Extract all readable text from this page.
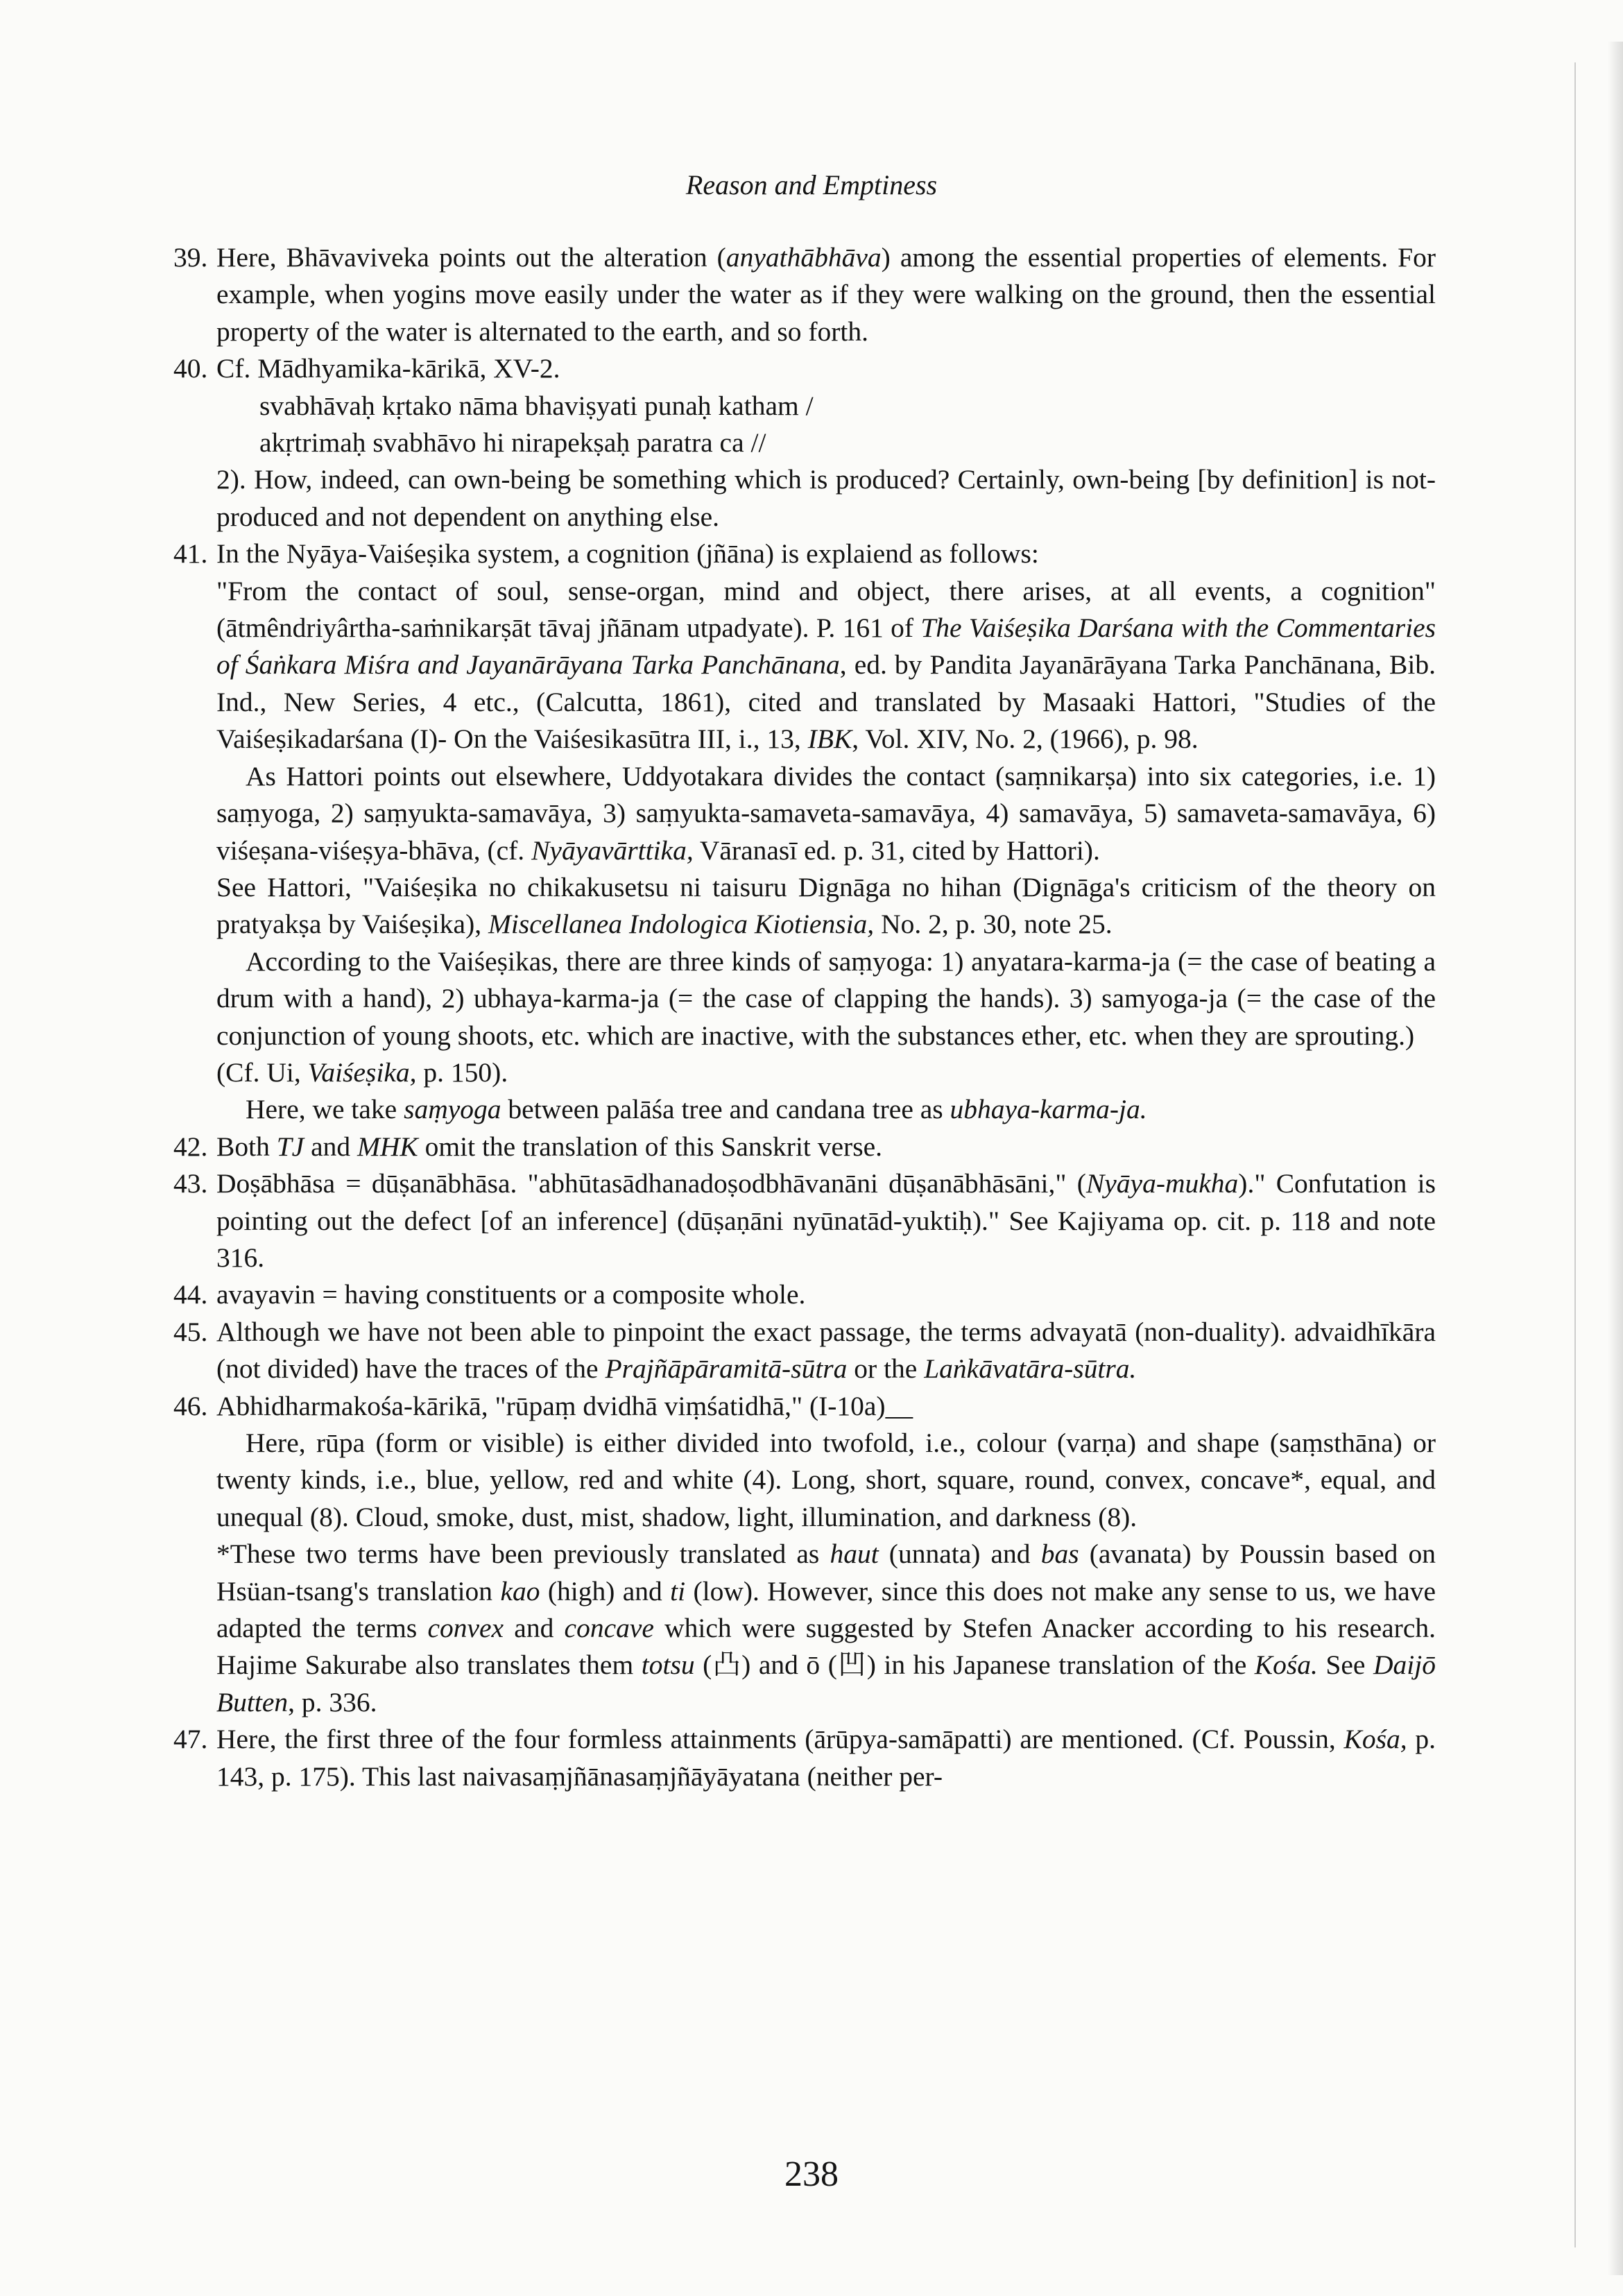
Reason and Emptiness
39. Here, Bhāvaviveka points out the alteration (anyathābhāva) among the essential properties of elements. For example, when yogins move easily under the water as if they were walking on the ground, then the essential property of the water is alternated to the earth, and so forth.
40. Cf. Mādhyamika-kārikā, XV-2.
svabhāvaḥ kṛtako nāma bhaviṣyati punaḥ katham /
akṛtrimaḥ svabhāvo hi nirapekṣaḥ paratra ca //
2). How, indeed, can own-being be something which is produced? Certainly, own-being [by definition] is not-produced and not dependent on anything else.
41. In the Nyāya-Vaiśeṣika system, a cognition (jñāna) is explaiend as follows:
"From the contact of soul, sense-organ, mind and object, there arises, at all events, a cognition" (ātmêndriyârtha-saṁnikarṣāt tāvaj jñānam utpadyate). P. 161 of The Vaiśeṣika Darśana with the Commentaries of Śaṅkara Miśra and Jayanārāyana Tarka Panchānana, ed. by Pandita Jayanārāyana Tarka Panchānana, Bib. Ind., New Series, 4 etc., (Calcutta, 1861), cited and translated by Masaaki Hattori, "Studies of the Vaiśeṣikadarśana (I)- On the Vaiśesikasūtra III, i., 13, IBK, Vol. XIV, No. 2, (1966), p. 98.
As Hattori points out elsewhere, Uddyotakara divides the contact (saṃnikarṣa) into six categories, i.e. 1) saṃyoga, 2) saṃyukta-samavāya, 3) saṃyukta-samaveta-samavāya, 4) samavāya, 5) samaveta-samavāya, 6) viśeṣana-viśeṣya-bhāva, (cf. Nyāyavārttika, Vāranasī ed. p. 31, cited by Hattori).
See Hattori, "Vaiśeṣika no chikakusetsu ni taisuru Dignāga no hihan (Dignāga's criticism of the theory on pratyakṣa by Vaiśeṣika), Miscellanea Indologica Kiotiensia, No. 2, p. 30, note 25.
According to the Vaiśeṣikas, there are three kinds of saṃyoga: 1) anyatara-karma-ja (= the case of beating a drum with a hand), 2) ubhaya-karma-ja (= the case of clapping the hands). 3) samyoga-ja (= the case of the conjunction of young shoots, etc. which are inactive, with the substances ether, etc. when they are sprouting.)
(Cf. Ui, Vaiśeṣika, p. 150).
Here, we take saṃyoga between palāśa tree and candana tree as ubhaya-karma-ja.
42. Both TJ and MHK omit the translation of this Sanskrit verse.
43. Doṣābhāsa = dūṣanābhāsa. "abhūtasādhanadoṣodbhāvanāni dūṣanābhāsāni," (Nyāya-mukha)." Confutation is pointing out the defect [of an inference] (dūṣaṇāni nyūnatād-yuktiḥ)." See Kajiyama op. cit. p. 118 and note 316.
44. avayavin = having constituents or a composite whole.
45. Although we have not been able to pinpoint the exact passage, the terms advayatā (non-duality). advaidhīkāra (not divided) have the traces of the Prajñāpāramitā-sūtra or the Laṅkāvatāra-sūtra.
46. Abhidharmakośa-kārikā, "rūpaṃ dvidhā viṃśatidhā," (I-10a)__
Here, rūpa (form or visible) is either divided into twofold, i.e., colour (varṇa) and shape (saṃsthāna) or twenty kinds, i.e., blue, yellow, red and white (4). Long, short, square, round, convex, concave*, equal, and unequal (8). Cloud, smoke, dust, mist, shadow, light, illumination, and darkness (8).
*These two terms have been previously translated as haut (unnata) and bas (avanata) by Poussin based on Hsüan-tsang's translation kao (high) and ti (low). However, since this does not make any sense to us, we have adapted the terms convex and concave which were suggested by Stefen Anacker according to his research. Hajime Sakurabe also translates them totsu (凸) and ō (凹) in his Japanese translation of the Kośa. See Daijō Butten, p. 336.
47. Here, the first three of the four formless attainments (ārūpya-samāpatti) are mentioned. (Cf. Poussin, Kośa, p. 143, p. 175). This last naivasaṃjñānasaṃjñāyāyatana (neither per-
238
